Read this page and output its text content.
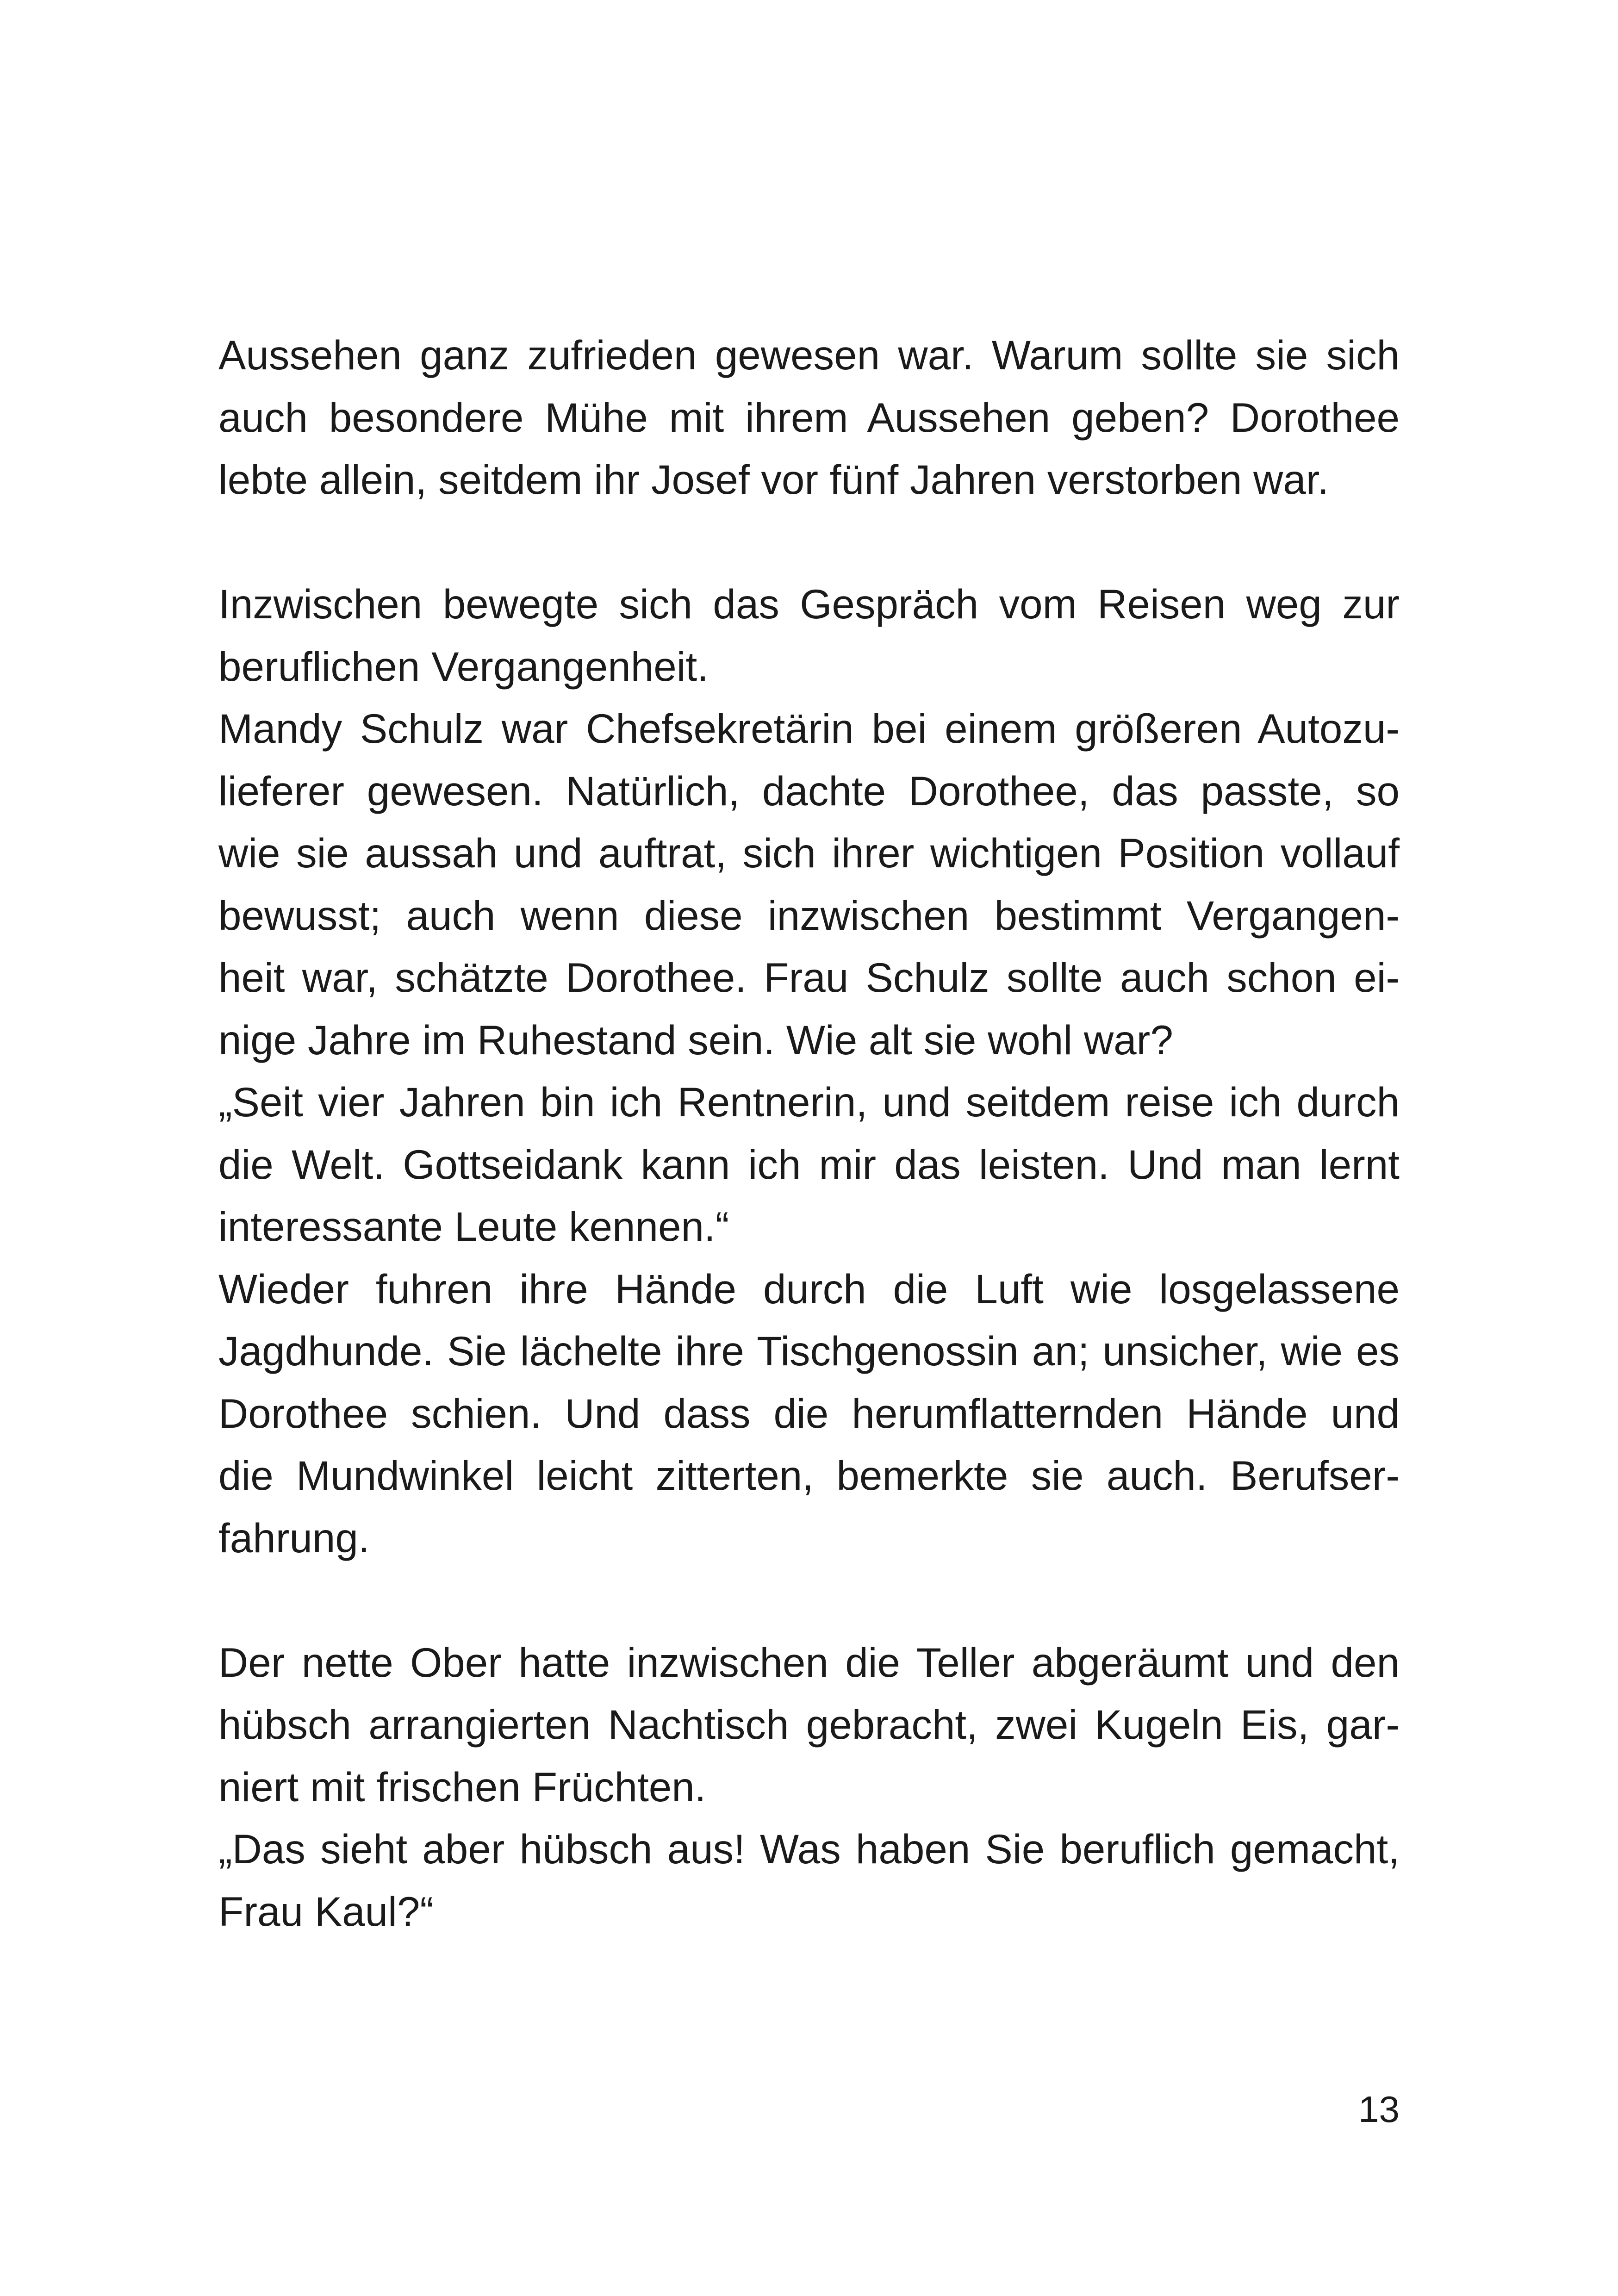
Aussehen ganz zufrieden gewesen war. Warum sollte sie sich
auch besondere Mühe mit ihrem Aussehen geben? Dorothee
lebte allein, seitdem ihr Josef vor fünf Jahren verstorben war.
Inzwischen bewegte sich das Gespräch vom Reisen weg zur
beruflichen Vergangenheit.
Mandy Schulz war Chefsekretärin bei einem größeren Autozu-
lieferer gewesen. Natürlich, dachte Dorothee, das passte, so
wie sie aussah und auftrat, sich ihrer wichtigen Position vollauf
bewusst; auch wenn diese inzwischen bestimmt Vergangen-
heit war, schätzte Dorothee. Frau Schulz sollte auch schon ei-
nige Jahre im Ruhestand sein. Wie alt sie wohl war?
„Seit vier Jahren bin ich Rentnerin, und seitdem reise ich durch
die Welt. Gottseidank kann ich mir das leisten. Und man lernt
interessante Leute kennen.“
Wieder fuhren ihre Hände durch die Luft wie losgelassene
Jagdhunde. Sie lächelte ihre Tischgenossin an; unsicher, wie es
Dorothee schien. Und dass die herumflatternden Hände und
die Mundwinkel leicht zitterten, bemerkte sie auch. Berufser-
fahrung.
Der nette Ober hatte inzwischen die Teller abgeräumt und den
hübsch arrangierten Nachtisch gebracht, zwei Kugeln Eis, gar-
niert mit frischen Früchten.
„Das sieht aber hübsch aus! Was haben Sie beruflich gemacht,
Frau Kaul?“
13
